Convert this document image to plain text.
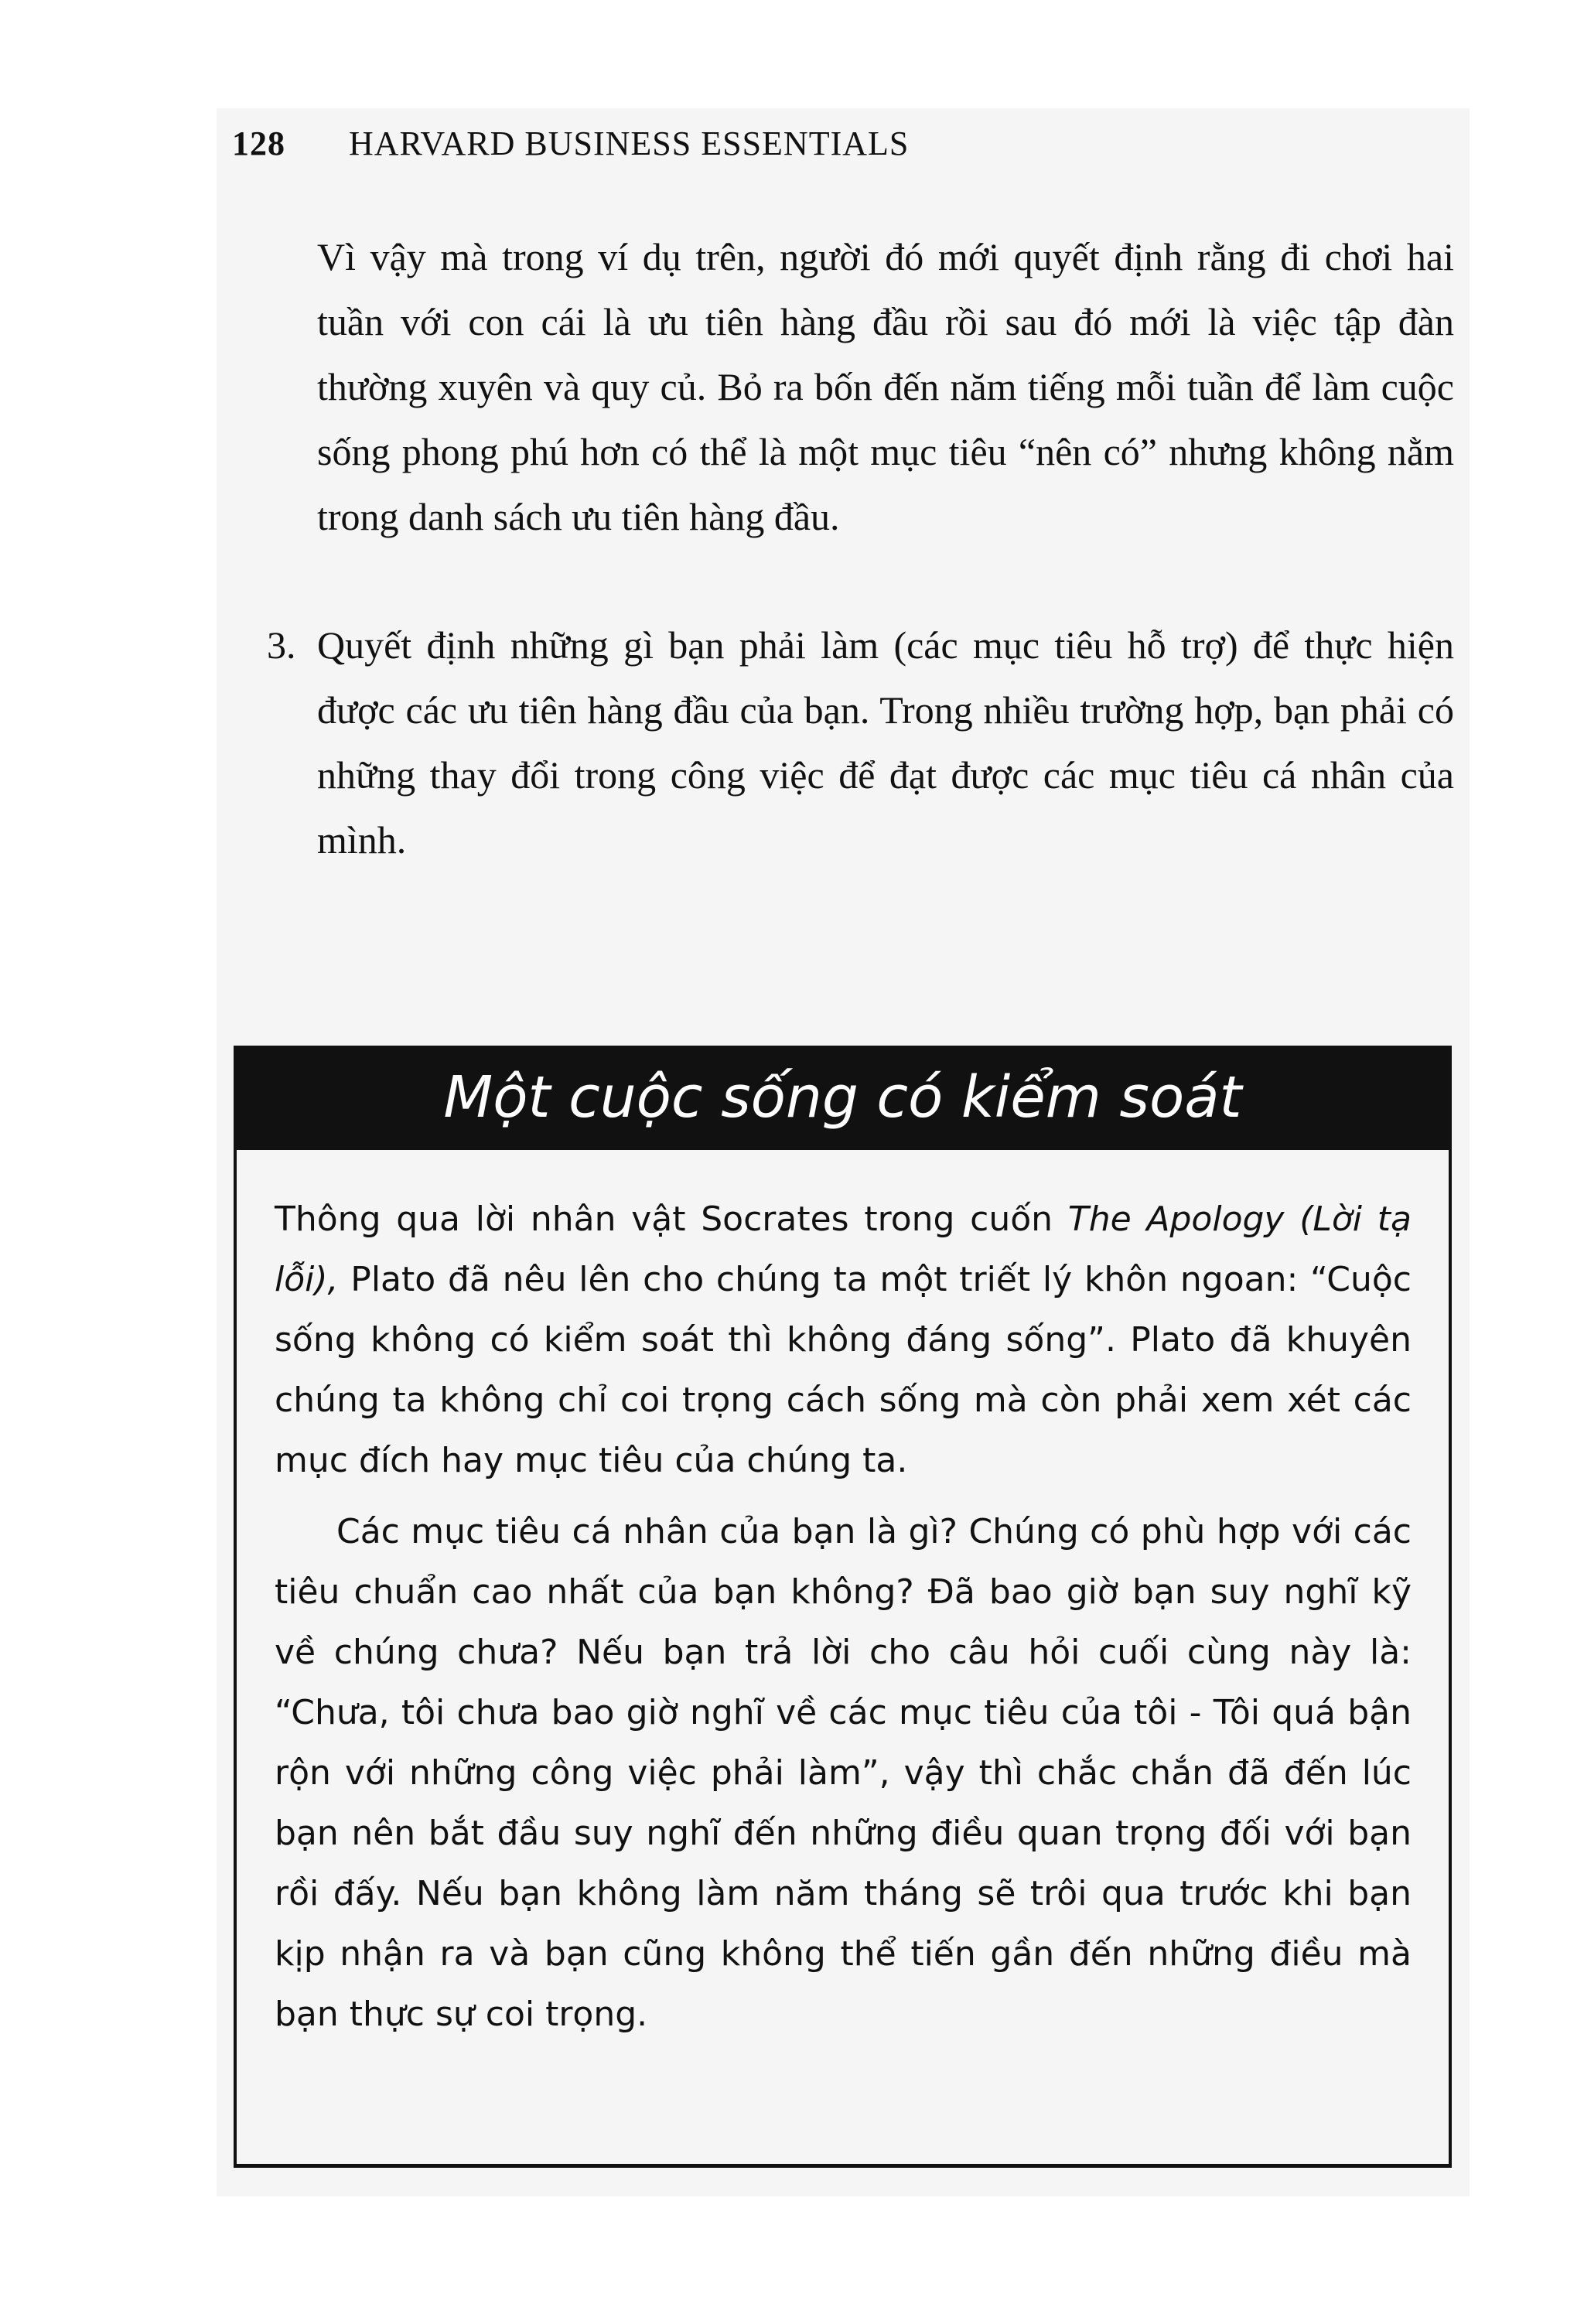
128 HARVARD BUSINESS ESSENTIALS

Vì vậy mà trong ví dụ trên, người đó mới quyết định rằng đi chơi hai tuần với con cái là ưu tiên hàng đầu rồi sau đó mới là việc tập đàn thường xuyên và quy củ. Bỏ ra bốn đến năm tiếng mỗi tuần để làm cuộc sống phong phú hơn có thể là một mục tiêu “nên có” nhưng không nằm trong danh sách ưu tiên hàng đầu.

3. Quyết định những gì bạn phải làm (các mục tiêu hỗ trợ) để thực hiện được các ưu tiên hàng đầu của bạn. Trong nhiều trường hợp, bạn phải có những thay đổi trong công việc để đạt được các mục tiêu cá nhân của mình.
Một cuộc sống có kiểm soát

Thông qua lời nhân vật Socrates trong cuốn The Apology (Lời tạ lỗi), Plato đã nêu lên cho chúng ta một triết lý khôn ngoan: “Cuộc sống không có kiểm soát thì không đáng sống”. Plato đã khuyên chúng ta không chỉ coi trọng cách sống mà còn phải xem xét các mục đích hay mục tiêu của chúng ta.

Các mục tiêu cá nhân của bạn là gì? Chúng có phù hợp với các tiêu chuẩn cao nhất của bạn không? Đã bao giờ bạn suy nghĩ kỹ về chúng chưa? Nếu bạn trả lời cho câu hỏi cuối cùng này là: “Chưa, tôi chưa bao giờ nghĩ về các mục tiêu của tôi - Tôi quá bận rộn với những công việc phải làm”, vậy thì chắc chắn đã đến lúc bạn nên bắt đầu suy nghĩ đến những điều quan trọng đối với bạn rồi đấy. Nếu bạn không làm năm tháng sẽ trôi qua trước khi bạn kịp nhận ra và bạn cũng không thể tiến gần đến những điều mà bạn thực sự coi trọng.
